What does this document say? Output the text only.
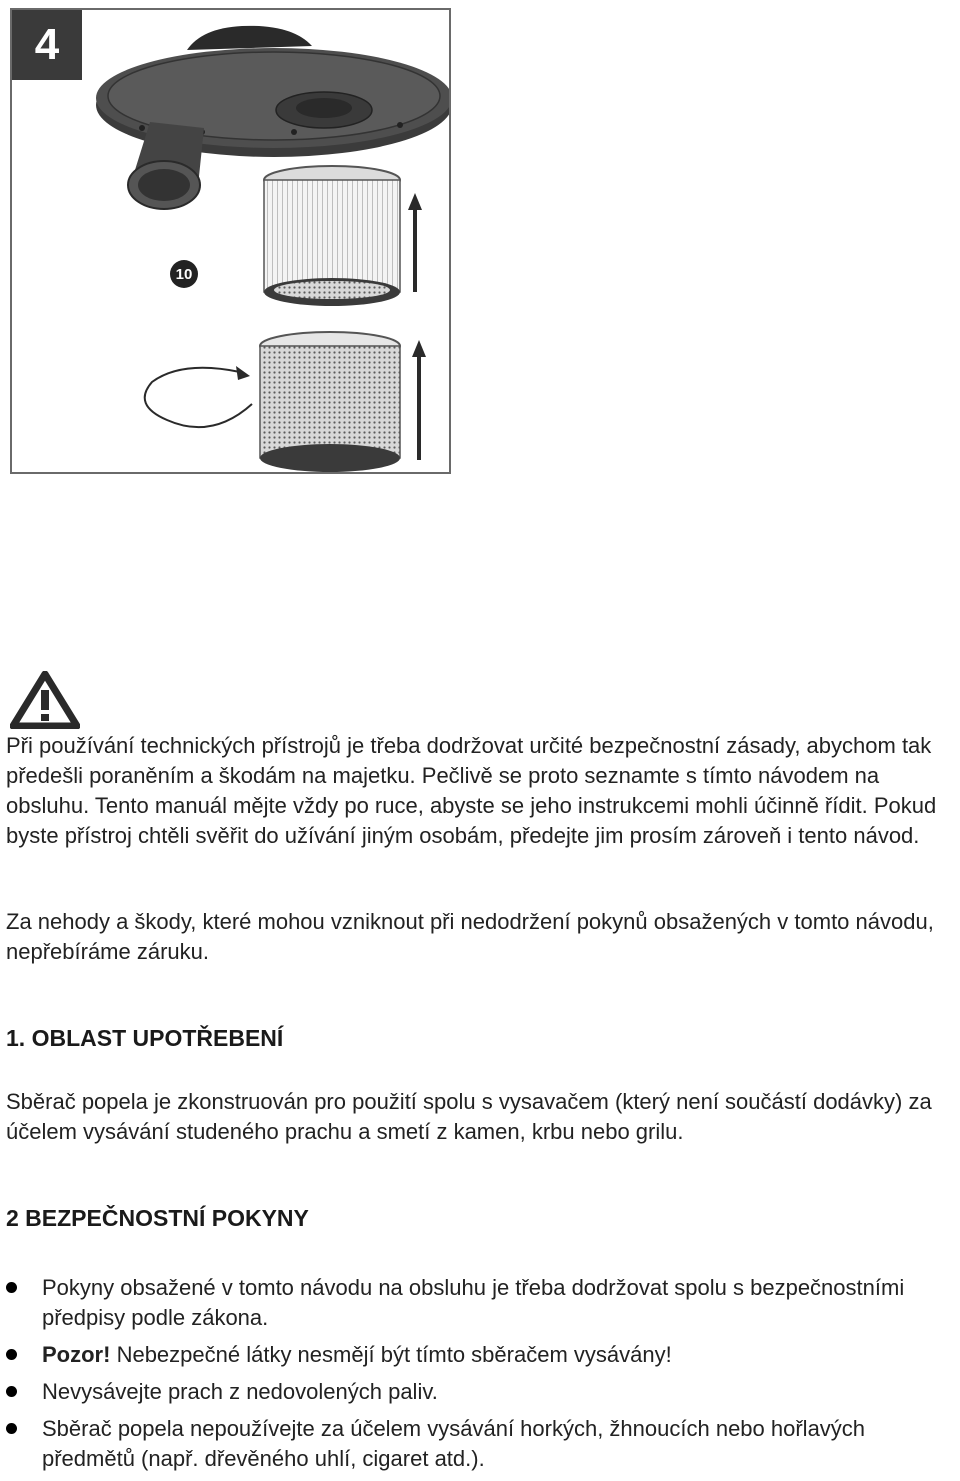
4
10

Při používání technických přístrojů je třeba dodržovat určité bezpečnostní zásady, abychom tak předešli poraněním a škodám na majetku. Pečlivě se proto seznamte s tímto návodem na obsluhu. Tento manuál mějte vždy po ruce, abyste se jeho instrukcemi mohli účinně řídit. Pokud byste přístroj chtěli svěřit do užívání jiným osobám, předejte jim prosím zároveň i tento návod.

Za nehody a škody, které mohou vzniknout při nedodržení pokynů obsažených v tomto návodu, nepřebíráme záruku.

1. OBLAST UPOTŘEBENÍ

Sběrač popela je zkonstruován pro použití spolu s vysavačem (který není součástí dodávky) za účelem vysávání studeného prachu a smetí z kamen, krbu nebo grilu.

2 BEZPEČNOSTNÍ POKYNY
Pokyny obsažené v tomto návodu na obsluhu je třeba dodržovat spolu s bezpečnostními předpisy podle zákona.
Pozor! Nebezpečné látky nesmějí být tímto sběračem vysávány!
Nevysávejte prach z nedovolených paliv.
Sběrač popela nepoužívejte za účelem vysávání horkých, žhnoucích nebo hořlavých předmětů (např. dřevěného uhlí, cigaret atd.).
